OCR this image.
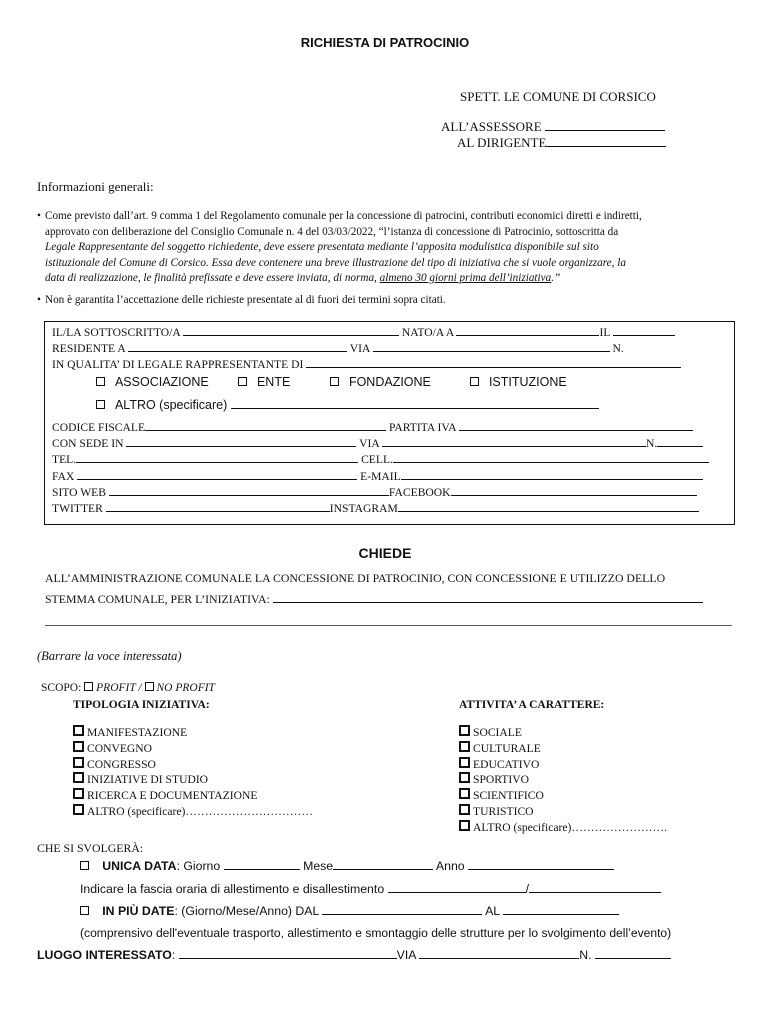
RICHIESTA DI PATROCINIO
SPETT. LE COMUNE DI CORSICO
ALL’ASSESSORE
AL DIRIGENTE
Informazioni generali:
• Come previsto dall’art. 9 comma 1 del Regolamento comunale per la concessione di patrocini, contributi economici diretti e indiretti,
approvato con deliberazione del Consiglio Comunale n. 4 del 03/03/2022, “l’istanza di concessione di Patrocinio, sottoscritta da
Legale Rappresentante del soggetto richiedente, deve essere presentata mediante l’apposita modulistica disponibile sul sito
istituzionale del Comune di Corsico. Essa deve contenere una breve illustrazione del tipo di iniziativa che si vuole organizzare, la
data di realizzazione, le finalità prefissate e deve essere inviata, di norma, almeno 30 giorni prima dell’iniziativa.”
• Non è garantita l’accettazione delle richieste presentate al di fuori dei termini sopra citati.
IL/LA SOTTOSCRITTO/A	NATO/A A	IL
RESIDENTE A	VIA	N.
IN QUALITA’ DI LEGALE RAPPRESENTANTE DI
ASSOCIAZIONE	ENTE	FONDAZIONE	ISTITUZIONE
ALTRO (specificare)
CODICE FISCALE	PARTITA IVA
CON SEDE IN	VIA	N.
TEL.	CELL.
FAX	E-MAIL
SITO WEB	FACEBOOK
TWITTER	INSTAGRAM
CHIEDE
ALL’AMMINISTRAZIONE COMUNALE LA CONCESSIONE DI PATROCINIO, CON CONCESSIONE E UTILIZZO DELLO
STEMMA COMUNALE, PER L’INIZIATIVA:
(Barrare la voce interessata)
SCOPO: PROFIT / NO PROFIT
TIPOLOGIA INIZIATIVA:
MANIFESTAZIONE
CONVEGNO
CONGRESSO
INIZIATIVE DI STUDIO
RICERCA E DOCUMENTAZIONE
ALTRO (specificare)……………………………
ATTIVITA’ A CARATTERE:
SOCIALE
CULTURALE
EDUCATIVO
SPORTIVO
SCIENTIFICO
TURISTICO
ALTRO (specificare)…………………….
CHE SI SVOLGERÀ:
UNICA DATA: Giorno	Mese	Anno
Indicare la fascia oraria di allestimento e disallestimento	/
IN PIÙ DATE: (Giorno/Mese/Anno) DAL	AL
(comprensivo dell'eventuale trasporto, allestimento e smontaggio delle strutture per lo svolgimento dell’evento)
LUOGO INTERESSATO:	VIA	N.
